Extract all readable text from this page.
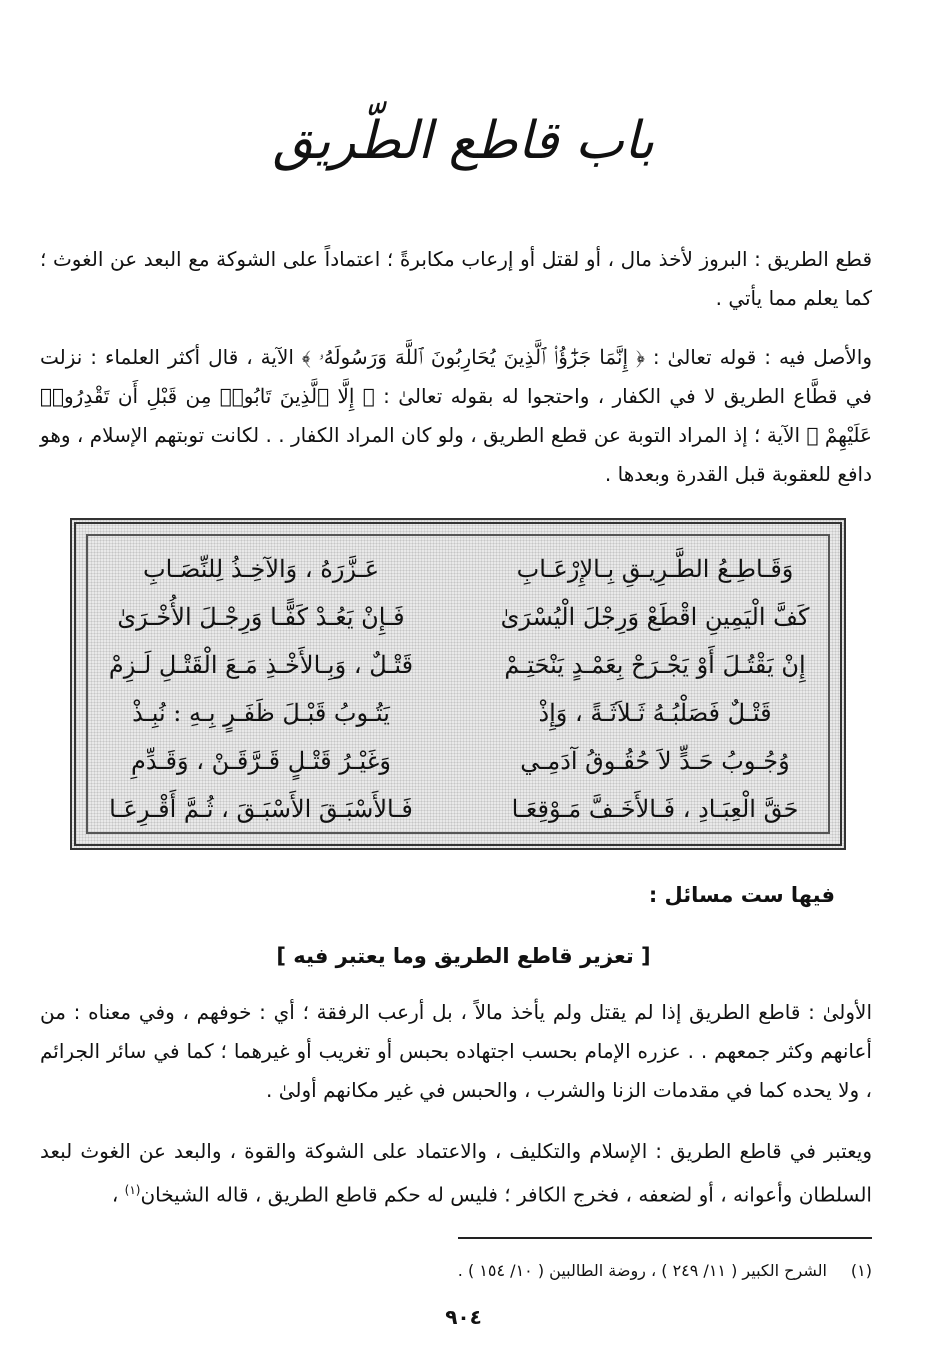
باب قاطع الطّريق

قطع الطريق : البروز لأخذ مال ، أو لقتل أو إرعاب مكابرةً ؛ اعتماداً على الشوكة مع البعد عن الغوث ؛ كما يعلم مما يأتي .

والأصل فيه : قوله تعالىٰ : ﴿ إِنَّمَا جَزَٰٓؤُا۟ ٱلَّذِينَ يُحَارِبُونَ ٱللَّهَ وَرَسُولَهُۥ ﴾ الآية ، قال أكثر العلماء : نزلت في قطَّاع الطريق لا في الكفار ، واحتجوا له بقوله تعالىٰ : ﴿ إِلَّا ٱلَّذِينَ تَابُوا۟ مِن قَبْلِ أَن تَقْدِرُوا۟ عَلَيْهِمْ ﴾ الآية ؛ إذ المراد التوبة عن قطع الطريق ، ولو كان المراد الكفار . . لكانت توبتهم الإسلام ، وهو دافع للعقوبة قبل القدرة وبعدها .

وَقَـاطِـعُ الطَّـرِيـقِ بِـالإِرْعَـابِ
عَـزَّرَهُ ، وَالآخِـذُ لِلنِّصَـابِ
كَفَّ الْيَمِينِ اقْطَعْ وَرِجْلَ الْيُسْرَىٰ
فَـإِنْ يَعُـدْ كَفًّـا وَرِجْـلَ الأُخْـرَىٰ
إِنْ يَقْتُـلَ أَوْ يَجْـرَحْ بِعَمْـدٍ يَنْحَتِـمْ
قَتْـلٌ ، وَبِـالأَخْـذِ مَـعَ الْقَتْـلِ لَـزِمْ
قَتْـلٌ فَصَلْبُـهُ ثَـلاَثَـةً ، وَإِذْ
يَتُـوبُ قَبْـلَ ظَفَـرٍ بِـهِ : نُبِـذْ
وُجُـوبُ حَـدٍّ لاَ حُقُـوقُ آدَمِـي
وَغَيْـرُ قَتْـلٍ قَـرَّقَـنْ ، وَقَـدِّمِ
حَقَّ الْعِبَـادِ ، فَـالأَخَـفَّ مَـوْقِعَـا
فَـالأَسْبَـقَ الأَسْبَـقَ ، ثُـمَّ أَقْـرِعَـا
فيها ست مسائل :
[ تعزير قاطع الطريق وما يعتبر فيه ]

الأولىٰ : قاطع الطريق إذا لم يقتل ولم يأخذ مالاً ، بل أرعب الرفقة ؛ أي : خوفهم ، وفي معناه : من أعانهم وكثر جمعهم . . عزره الإمام بحسب اجتهاده بحبس أو تغريب أو غيرهما ؛ كما في سائر الجرائم ، ولا يحده كما في مقدمات الزنا والشرب ، والحبس في غير مكانهم أولىٰ .

ويعتبر في قاطع الطريق : الإسلام والتكليف ، والاعتماد على الشوكة والقوة ، والبعد عن الغوث لبعد السلطان وأعوانه ، أو لضعفه ، فخرج الكافر ؛ فليس له حكم قاطع الطريق ، قاله الشيخان$^{(١)}$ ،

(١)الشرح الكبير ( ١١/ ٢٤٩ ) ، روضة الطالبين ( ١٠/ ١٥٤ ) .
٩٠٤
